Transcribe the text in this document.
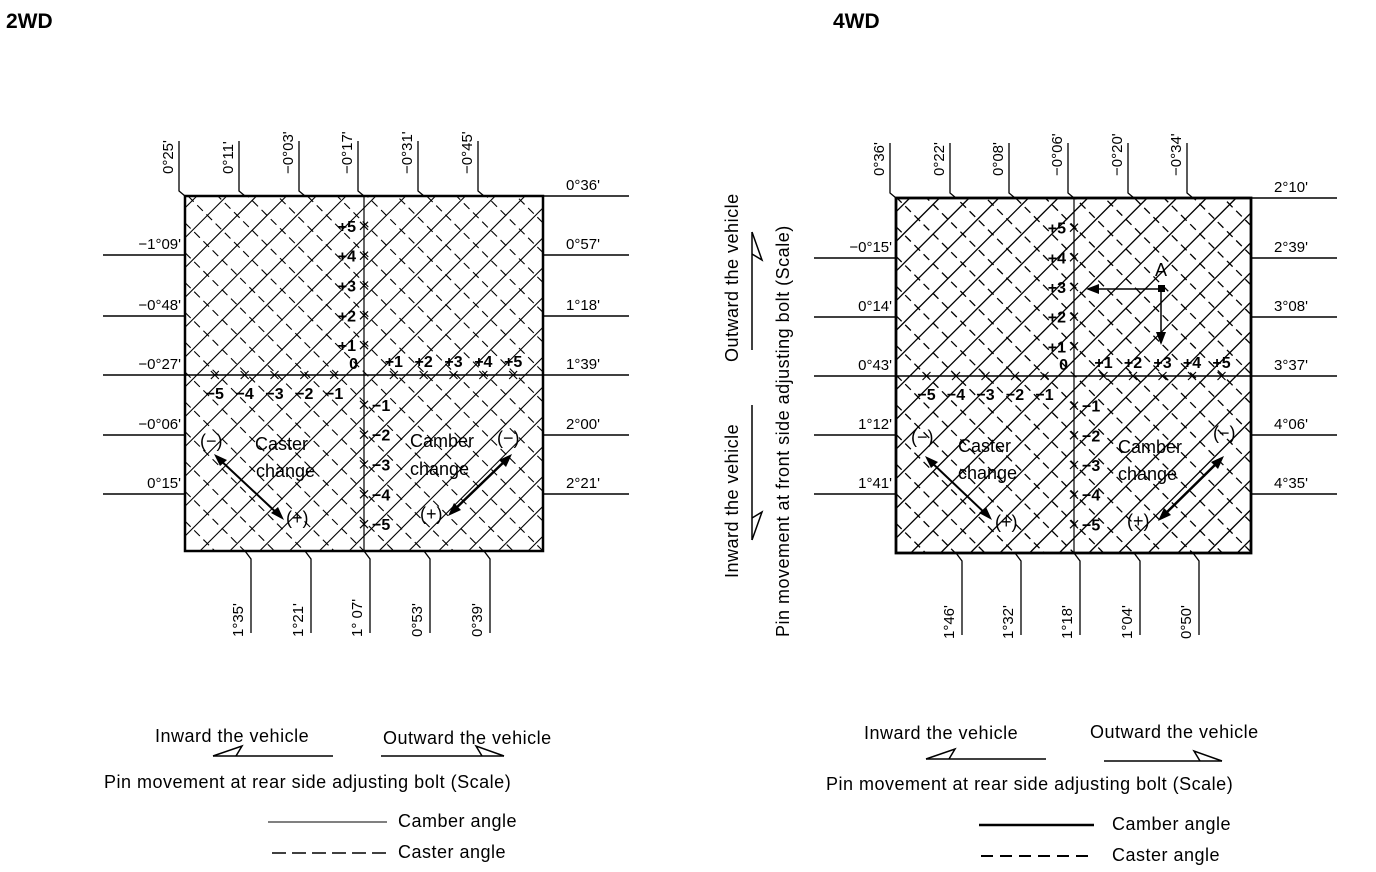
2WD
0°25'	0°11'	−0°03'	−0°17'	−0°31'	−0°45'
1°35'	1°21'	1° 07'	0°53'	0°39'
−1°09'
−0°48'
−0°27'
−0°06'
0°15'
0°36'
0°57'
1°18'
1°39'
2°00'
2°21'
+5
+4
+3
+2
+1
−1
−2
−3
−4
−5
0 +1 +2 +3 +4 +5
−5 −4 −3 −2 −1
Caster
change
Camber
change
(−)
(+)
(−)
(+)
Inward the vehicle	Outward the vehicle
Pin movement at rear side adjusting bolt (Scale)
Camber angle
Caster angle
4WD
0°36'	0°22'	0°08'	−0°06'	−0°20'	−0°34'
1°46'	1°32'	1°18'	1°04'	0°50'
−0°15'
0°14'
0°43'
1°12'
1°41'
2°10'
2°39'
3°08'
3°37'
4°06'
4°35'
+5
+4
+3
+2
+1
−1
−2
−3
−4
−5
0 +1 +2 +3 +4 +5
−5 −4 −3 −2 −1
Caster
change
Camber
change
(−)
(+)
(−)
(+)
A
Outward the vehicle
Inward the vehicle Pin movement at front side adjusting bolt (Scale)
Inward the vehicle	Outward the vehicle
Pin movement at rear side adjusting bolt (Scale)
Camber angle
Caster angle
